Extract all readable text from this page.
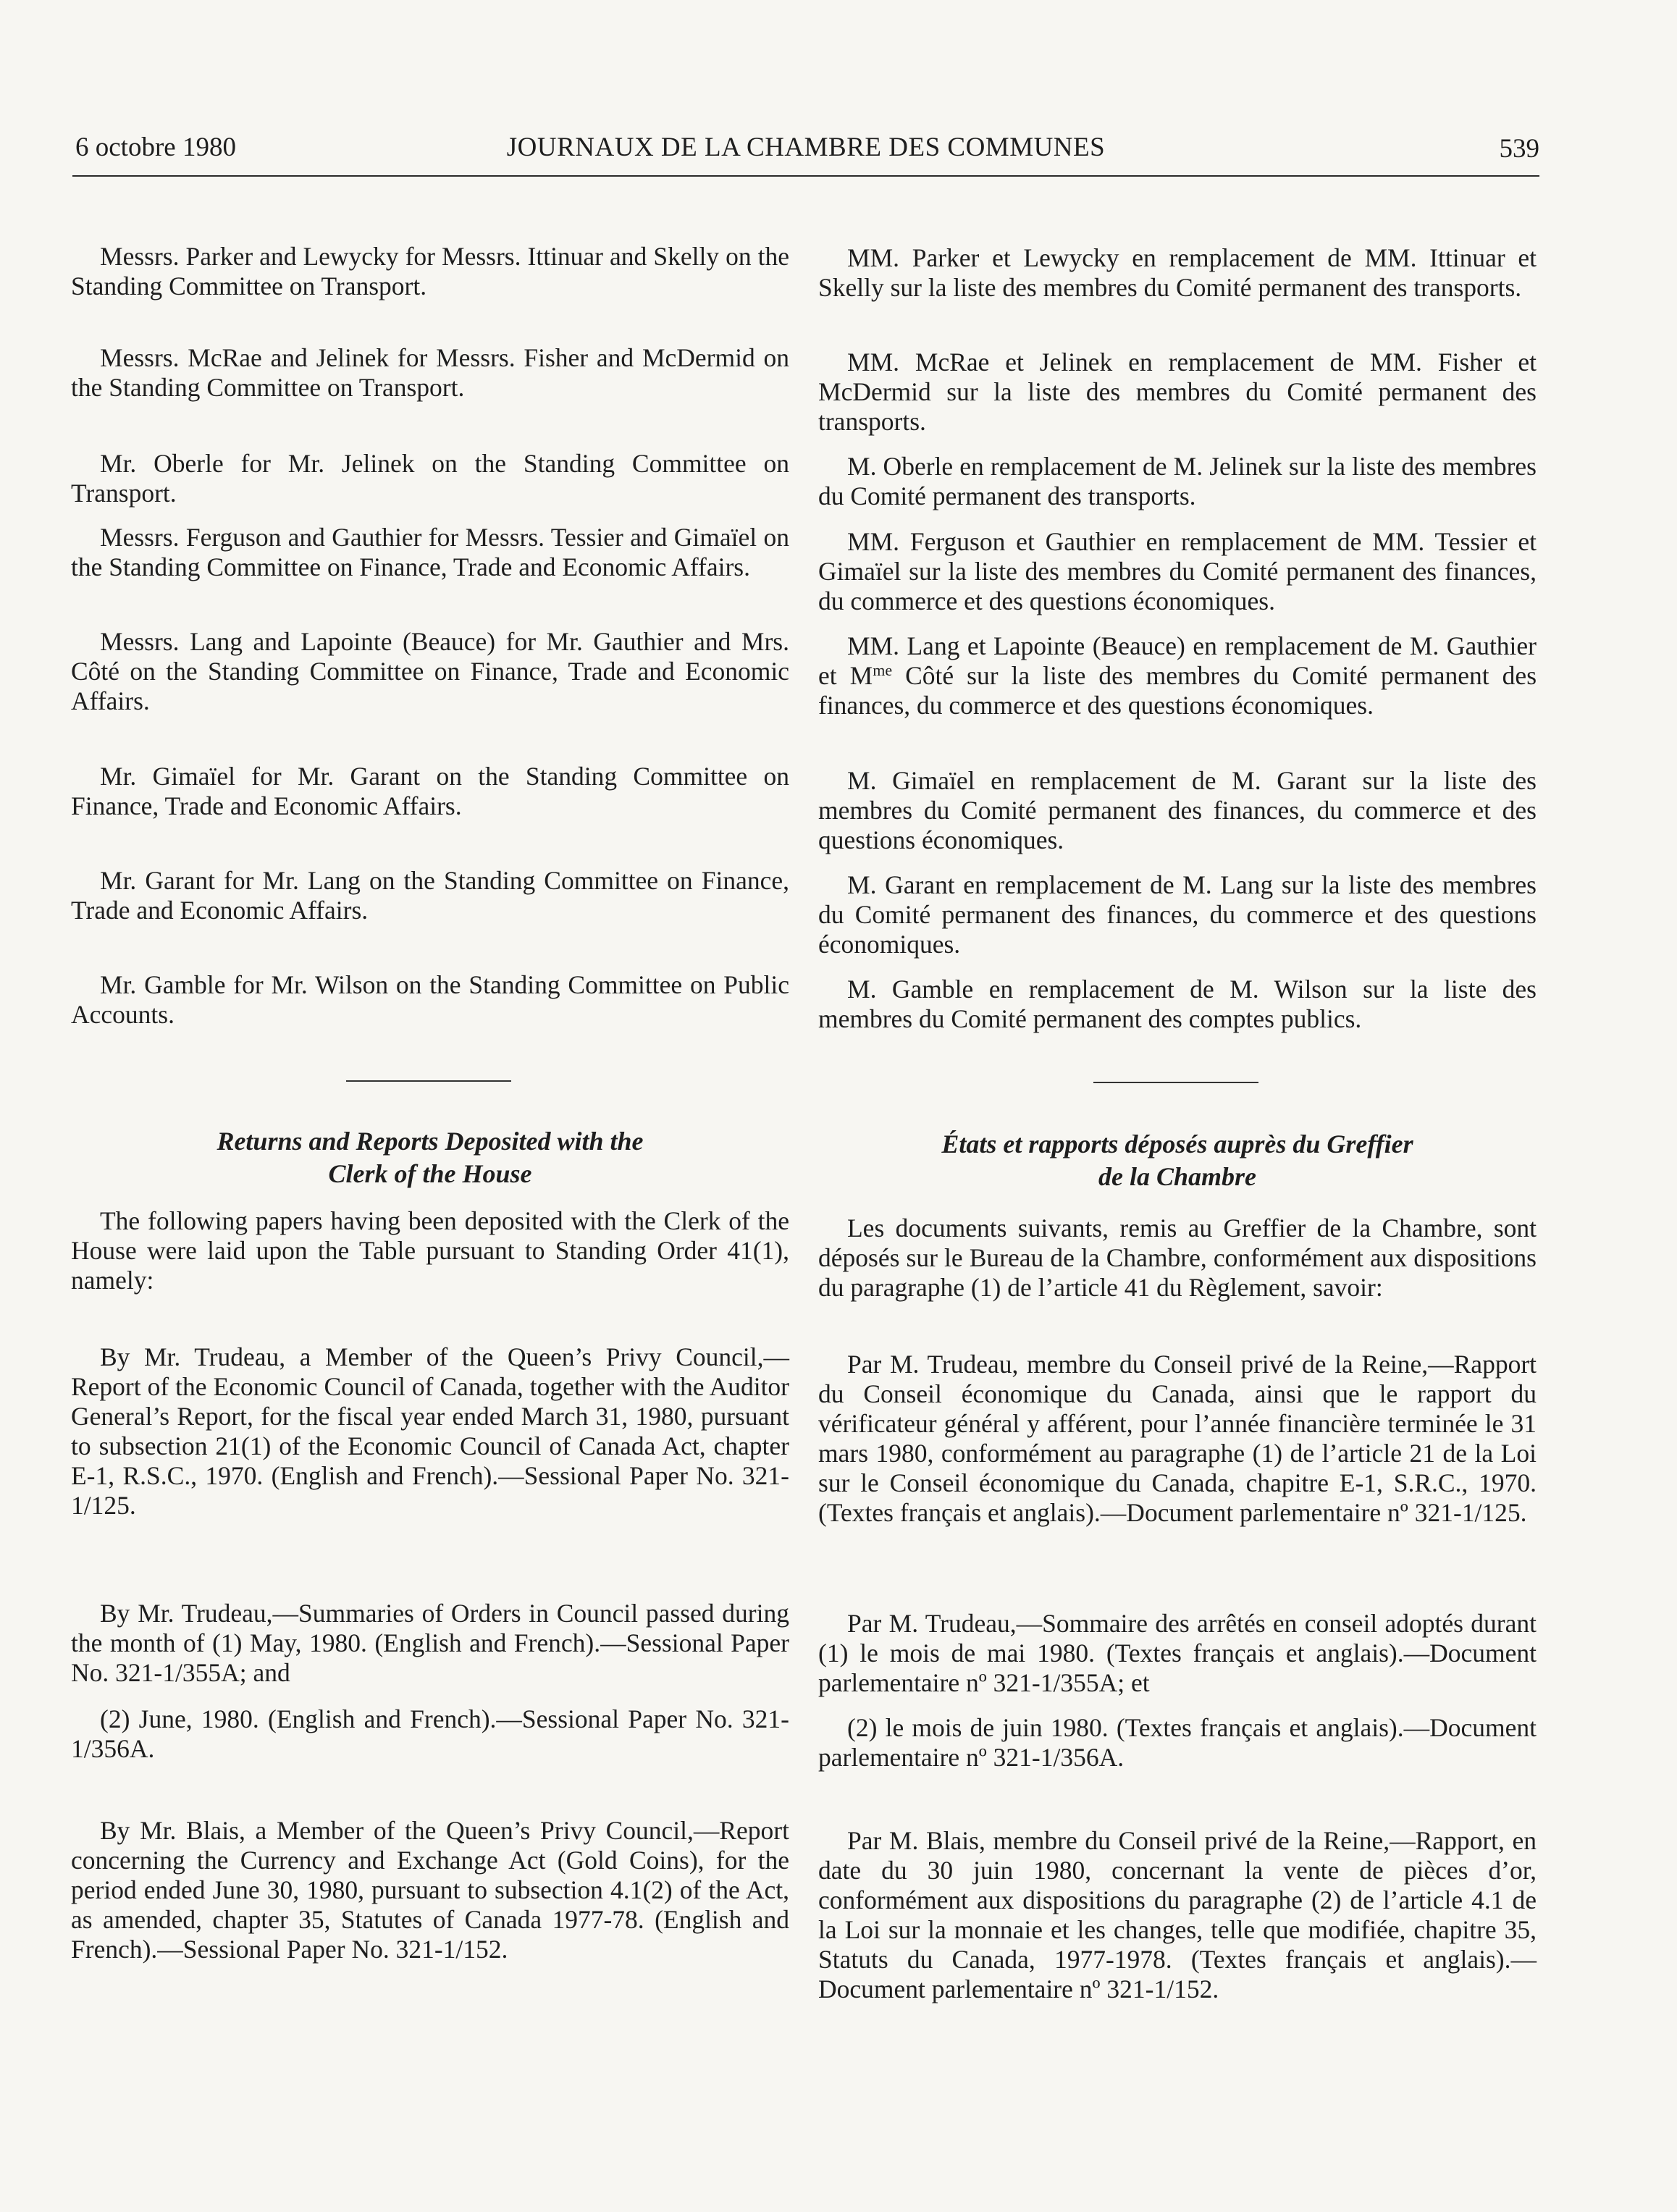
6 octobre 1980	JOURNAUX DE LA CHAMBRE DES COMMUNES	539

Messrs. Parker and Lewycky for Messrs. Ittinuar and Skelly on the Standing Committee on Transport.

Messrs. McRae and Jelinek for Messrs. Fisher and McDermid on the Standing Committee on Transport.

Mr. Oberle for Mr. Jelinek on the Standing Committee on Transport.

Messrs. Ferguson and Gauthier for Messrs. Tessier and Gimaïel on the Standing Committee on Finance, Trade and Economic Affairs.

Messrs. Lang and Lapointe (Beauce) for Mr. Gauthier and Mrs. Côté on the Standing Committee on Finance, Trade and Economic Affairs.

Mr. Gimaïel for Mr. Garant on the Standing Committee on Finance, Trade and Economic Affairs.

Mr. Garant for Mr. Lang on the Standing Committee on Finance, Trade and Economic Affairs.

Mr. Gamble for Mr. Wilson on the Standing Committee on Public Accounts.

Returns and Reports Deposited with the
Clerk of the House

The following papers having been deposited with the Clerk of the House were laid upon the Table pursuant to Standing Order 41(1), namely:

By Mr. Trudeau, a Member of the Queen’s Privy Council,—Report of the Economic Council of Canada, together with the Auditor General’s Report, for the fiscal year ended March 31, 1980, pursuant to subsection 21(1) of the Economic Council of Canada Act, chapter E-1, R.S.C., 1970. (English and French).—Sessional Paper No. 321-1/125.

By Mr. Trudeau,—Summaries of Orders in Council passed during the month of (1) May, 1980. (English and French).—Sessional Paper No. 321-1/355A; and

(2) June, 1980. (English and French).—Sessional Paper No. 321-1/356A.

By Mr. Blais, a Member of the Queen’s Privy Council,—Report concerning the Currency and Exchange Act (Gold Coins), for the period ended June 30, 1980, pursuant to subsection 4.1(2) of the Act, as amended, chapter 35, Statutes of Canada 1977-78. (English and French).—Sessional Paper No. 321-1/152.

MM. Parker et Lewycky en remplacement de MM. Ittinuar et Skelly sur la liste des membres du Comité permanent des transports.

MM. McRae et Jelinek en remplacement de MM. Fisher et McDermid sur la liste des membres du Comité permanent des transports.

M. Oberle en remplacement de M. Jelinek sur la liste des membres du Comité permanent des transports.

MM. Ferguson et Gauthier en remplacement de MM. Tessier et Gimaïel sur la liste des membres du Comité permanent des finances, du commerce et des questions économiques.

MM. Lang et Lapointe (Beauce) en remplacement de M. Gauthier et $M^{me}$ Côté sur la liste des membres du Comité permanent des finances, du commerce et des questions économiques.

M. Gimaïel en remplacement de M. Garant sur la liste des membres du Comité permanent des finances, du commerce et des questions économiques.

M. Garant en remplacement de M. Lang sur la liste des membres du Comité permanent des finances, du commerce et des questions économiques.

M. Gamble en remplacement de M. Wilson sur la liste des membres du Comité permanent des comptes publics.

États et rapports déposés auprès du Greffier
de la Chambre

Les documents suivants, remis au Greffier de la Chambre, sont déposés sur le Bureau de la Chambre, conformément aux dispositions du paragraphe (1) de l’article 41 du Règlement, savoir:

Par M. Trudeau, membre du Conseil privé de la Reine,—Rapport du Conseil économique du Canada, ainsi que le rapport du vérificateur général y afférent, pour l’année financière terminée le 31 mars 1980, conformément au paragraphe (1) de l’article 21 de la Loi sur le Conseil économique du Canada, chapitre E-1, S.R.C., 1970. (Textes français et anglais).—Document parlementaire nº 321-1/125.

Par M. Trudeau,—Sommaire des arrêtés en conseil adoptés durant (1) le mois de mai 1980. (Textes français et anglais).—Document parlementaire nº 321-1/355A; et

(2) le mois de juin 1980. (Textes français et anglais).—Document parlementaire nº 321-1/356A.

Par M. Blais, membre du Conseil privé de la Reine,—Rapport, en date du 30 juin 1980, concernant la vente de pièces d’or, conformément aux dispositions du paragraphe (2) de l’article 4.1 de la Loi sur la monnaie et les changes, telle que modifiée, chapitre 35, Statuts du Canada, 1977-1978. (Textes français et anglais).—Document parlementaire nº 321-1/152.
